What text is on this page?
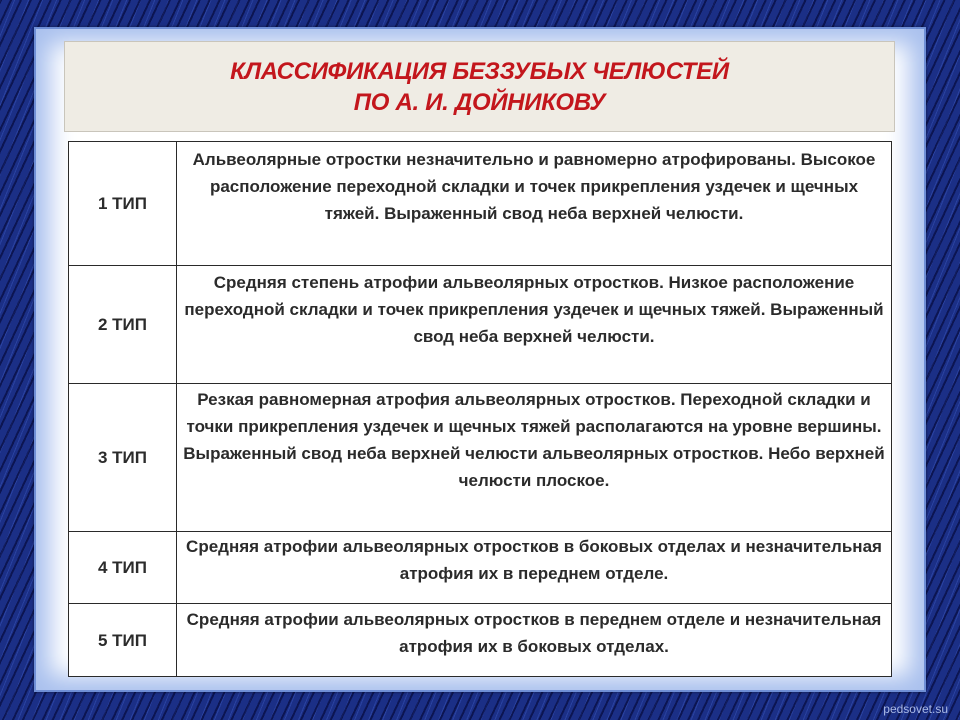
КЛАССИФИКАЦИЯ БЕЗЗУБЫХ ЧЕЛЮСТЕЙ
ПО А. И. ДОЙНИКОВУ
1 ТИП	Альвеолярные отростки незначительно и равномерно атрофированы. Высокое расположение переходной складки и точек прикрепления уздечек и щечных тяжей. Выраженный свод неба верхней челюсти.
2 ТИП	Средняя степень атрофии альвеолярных отростков. Низкое расположение переходной складки и точек прикрепления уздечек и щечных тяжей. Выраженный свод неба верхней челюсти.
3 ТИП	Резкая равномерная атрофия альвеолярных отростков. Переходной складки и точки прикрепления уздечек и щечных тяжей располагаются на уровне вершины. Выраженный свод неба верхней челюсти альвеолярных отростков. Небо верхней челюсти плоское.
4 ТИП	Средняя атрофии альвеолярных отростков в боковых отделах и незначительная атрофия их в переднем отделе.
5 ТИП	Средняя атрофии альвеолярных отростков в переднем отделе и незначительная атрофия их в боковых отделах.
pedsovet.su
